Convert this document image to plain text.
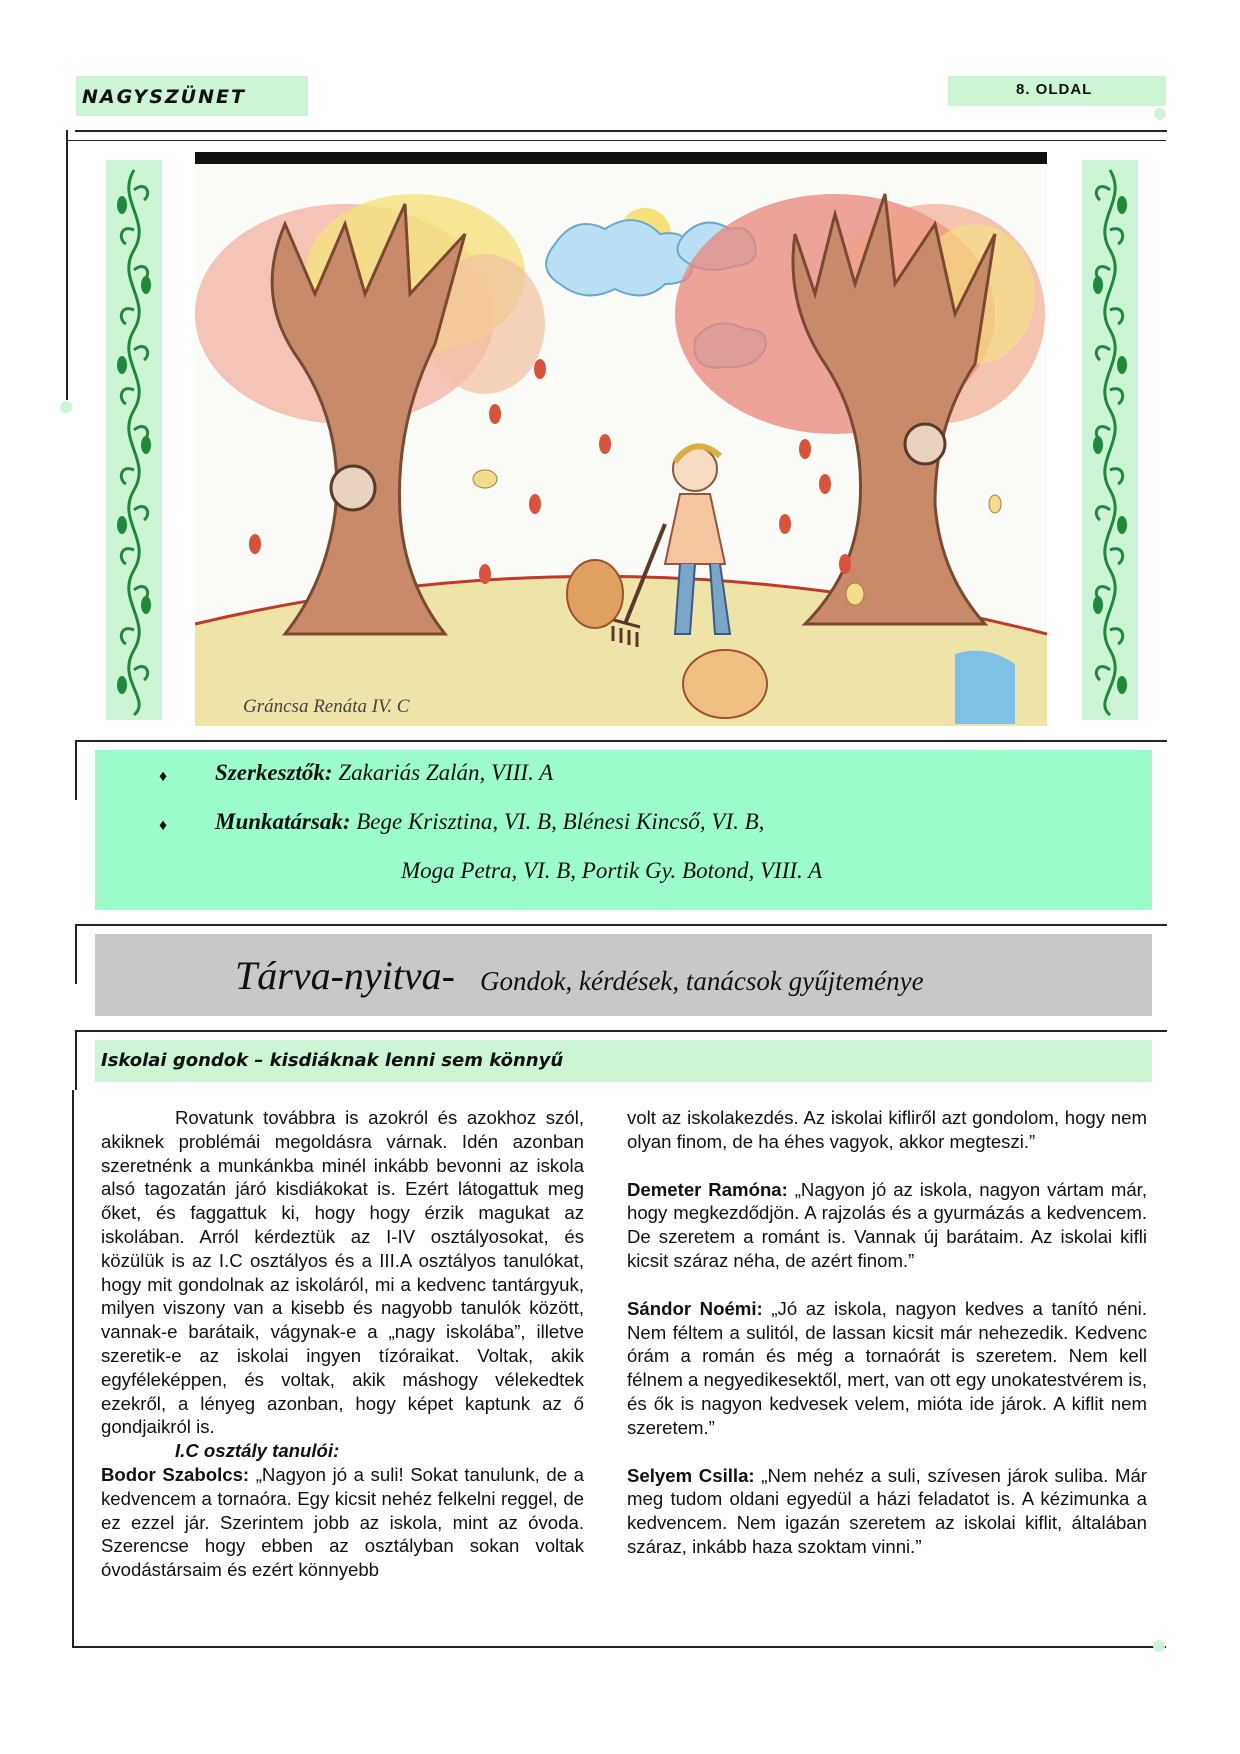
NAGYSZÜNET	8. OLDAL
Gráncsa Renáta IV. C
♦ Szerkesztők: Zakariás Zalán, VIII. A
♦ Munkatársak: Bege Krisztina, VI. B, Blénesi Kincső, VI. B,
Moga Petra, VI. B, Portik Gy. Botond, VIII. A
Tárva-nyitva- Gondok, kérdések, tanácsok gyűjteménye
Iskolai gondok – kisdiáknak lenni sem könnyű

Rovatunk továbbra is azokról és azokhoz szól, akiknek problémái megoldásra várnak. Idén azonban szeretnénk a munkánkba minél inkább bevonni az iskola alsó tagozatán járó kisdiákokat is. Ezért látogattuk meg őket, és faggattuk ki, hogy hogy érzik magukat az iskolában. Arról kérdeztük az I-IV osztályosokat, és közülük is az I.C osztályos és a III.A osztályos tanulókat, hogy mit gondolnak az iskoláról, mi a kedvenc tantárgyuk, milyen viszony van a kisebb és nagyobb tanulók között, vannak-e barátaik, vágynak-e a „nagy iskolába”, illetve szeretik-e az iskolai ingyen tízóraikat. Voltak, akik egyféleképpen, és voltak, akik máshogy vélekedtek ezekről, a lényeg azonban, hogy képet kaptunk az ő gondjaikról is.

I.C osztály tanulói:

Bodor Szabolcs: „Nagyon jó a suli! Sokat tanulunk, de a kedvencem a tornaóra. Egy kicsit nehéz felkelni reggel, de ez ezzel jár. Szerintem jobb az iskola, mint az óvoda. Szerencse hogy ebben az osztályban sokan voltak óvodástársaim és ezért könnyebb

volt az iskolakezdés. Az iskolai kifliről azt gondolom, hogy nem olyan finom, de ha éhes vagyok, akkor megteszi.”

Demeter Ramóna: „Nagyon jó az iskola, nagyon vártam már, hogy megkezdődjön. A rajzolás és a gyurmázás a kedvencem. De szeretem a románt is. Vannak új barátaim. Az iskolai kifli kicsit száraz néha, de azért finom.”

Sándor Noémi: „Jó az iskola, nagyon kedves a tanító néni. Nem féltem a sulitól, de lassan kicsit már nehezedik. Kedvenc órám a román és még a tornaórát is szeretem. Nem kell félnem a negyedikesektől, mert, van ott egy unokatestvérem is, és ők is nagyon kedvesek velem, mióta ide járok. A kiflit nem szeretem.”

Selyem Csilla: „Nem nehéz a suli, szívesen járok suliba. Már meg tudom oldani egyedül a házi feladatot is. A kézimunka a kedvencem. Nem igazán szeretem az iskolai kiflit, általában száraz, inkább haza szoktam vinni.”
